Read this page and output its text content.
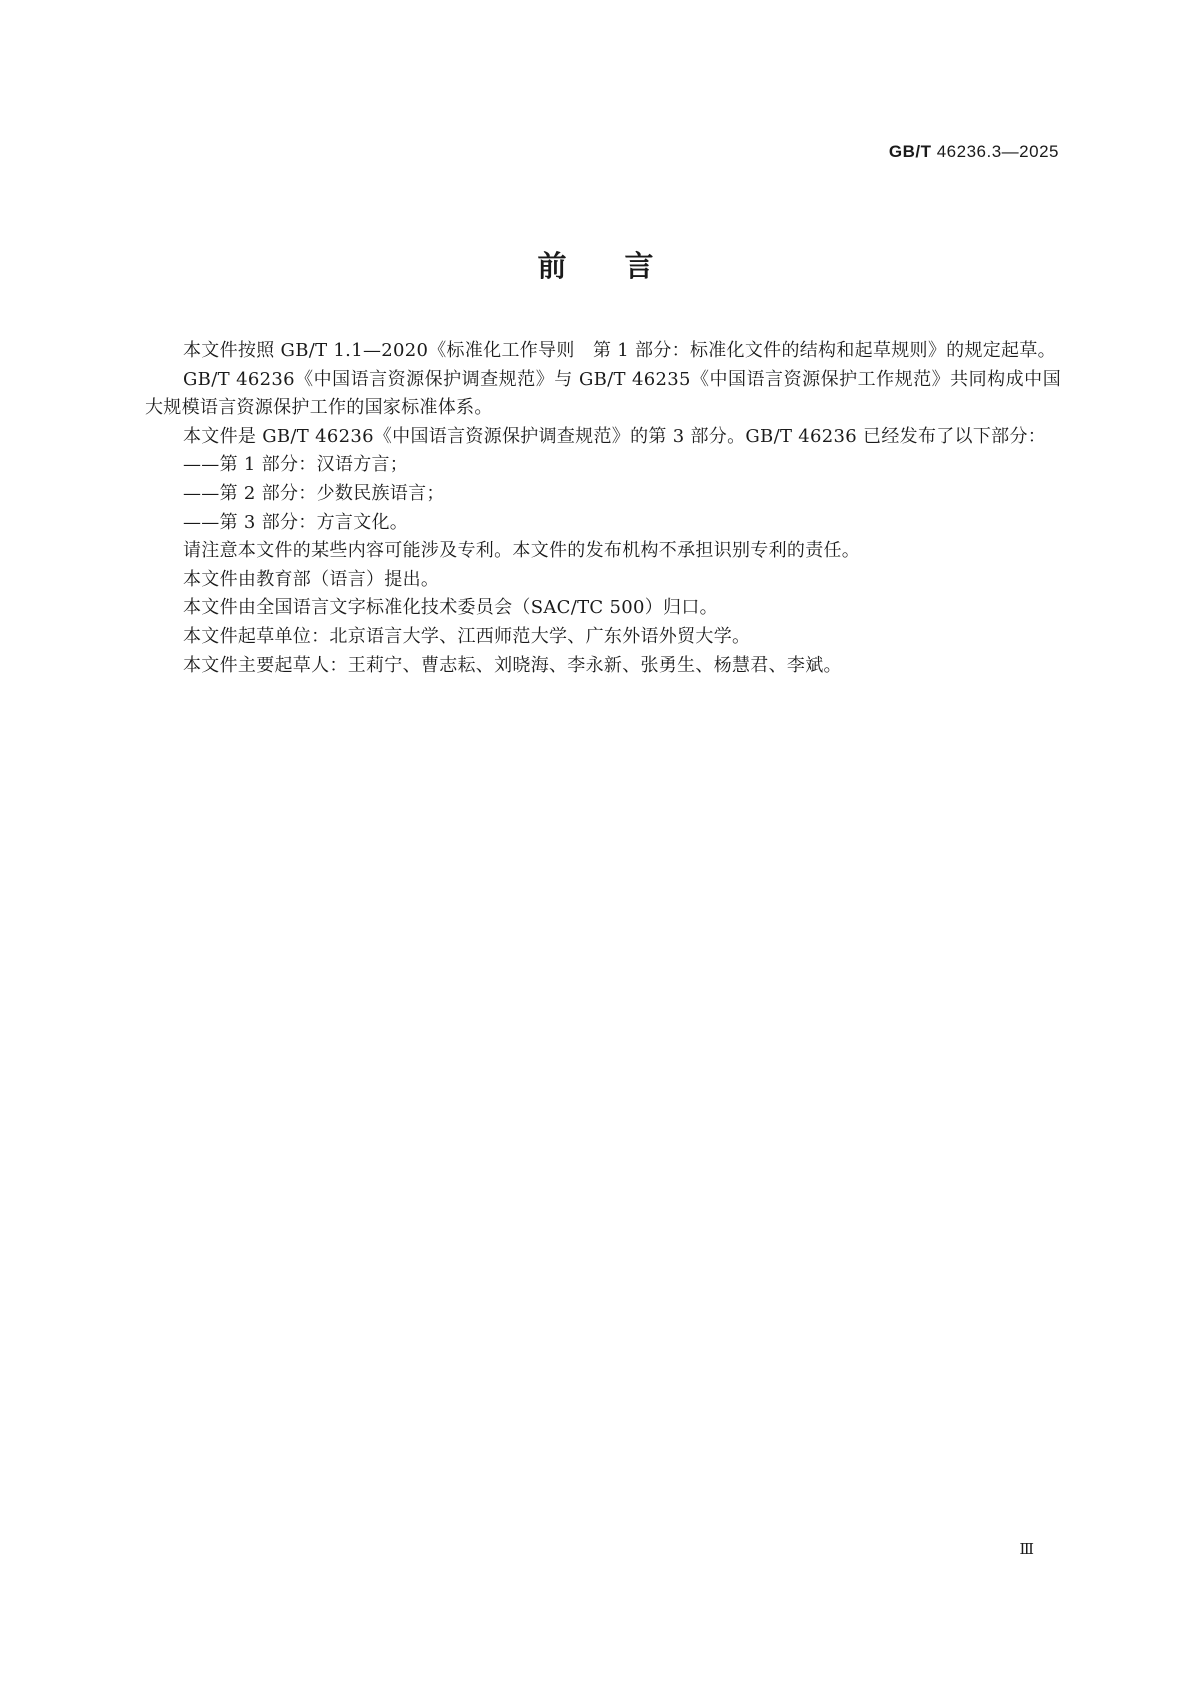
GB/T 46236.3—2025
前 言

本文件按照 GB/T 1.1—2020《标准化工作导则　第 1 部分：标准化文件的结构和起草规则》的规定起草。

GB/T 46236《中国语言资源保护调查规范》与 GB/T 46235《中国语言资源保护工作规范》共同构成中国大规模语言资源保护工作的国家标准体系。

本文件是 GB/T 46236《中国语言资源保护调查规范》的第 3 部分。GB/T 46236 已经发布了以下部分：

——第 1 部分：汉语方言；

——第 2 部分：少数民族语言；

——第 3 部分：方言文化。

请注意本文件的某些内容可能涉及专利。本文件的发布机构不承担识别专利的责任。

本文件由教育部（语言）提出。

本文件由全国语言文字标准化技术委员会（SAC/TC 500）归口。

本文件起草单位：北京语言大学、江西师范大学、广东外语外贸大学。

本文件主要起草人：王莉宁、曹志耘、刘晓海、李永新、张勇生、杨慧君、李斌。

Ⅲ
